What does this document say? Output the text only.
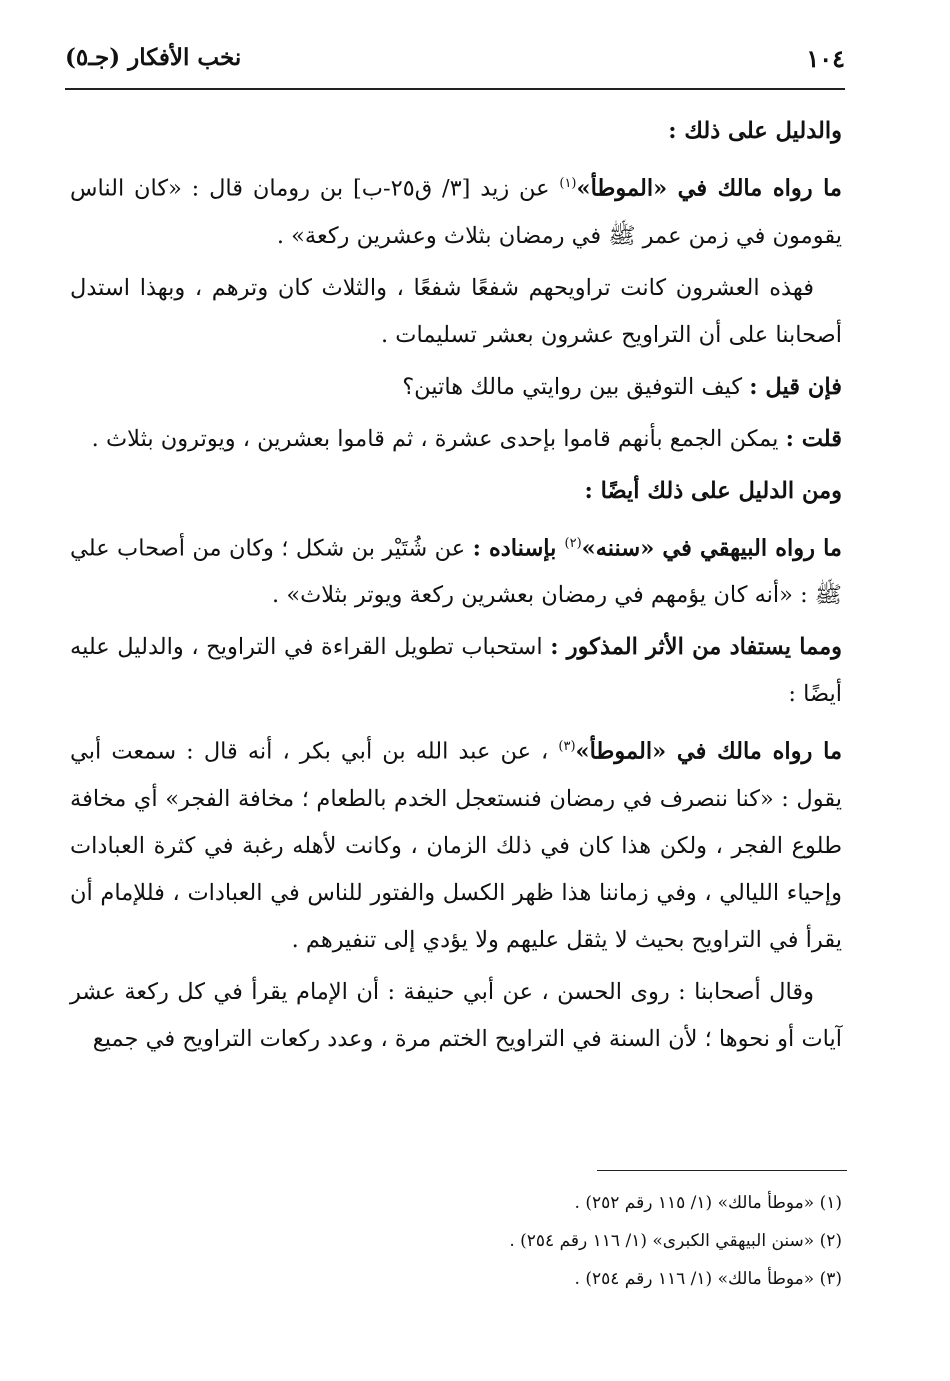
١٠٤
نخب الأفكار (جـ٥)

والدليل على ذلك :

ما رواه مالك في «الموطأ»$^{(١)}$ عن زيد [٣/ ق٢٥-ب] بن رومان قال : «كان الناس يقومون في زمن عمر ﷺ في رمضان بثلاث وعشرين ركعة» .

فهذه العشرون كانت تراويحهم شفعًا شفعًا ، والثلاث كان وترهم ، وبهذا استدل أصحابنا على أن التراويح عشرون بعشر تسليمات .

فإن قيل : كيف التوفيق بين روايتي مالك هاتين؟

قلت : يمكن الجمع بأنهم قاموا بإحدى عشرة ، ثم قاموا بعشرين ، ويوترون بثلاث .

ومن الدليل على ذلك أيضًا :

ما رواه البيهقي في «سننه»$^{(٢)}$ بإسناده : عن شُتَيْر بن شكل ؛ وكان من أصحاب علي ﷺ : «أنه كان يؤمهم في رمضان بعشرين ركعة ويوتر بثلاث» .

ومما يستفاد من الأثر المذكور : استحباب تطويل القراءة في التراويح ، والدليل عليه أيضًا :

ما رواه مالك في «الموطأ»$^{(٣)}$ ، عن عبد الله بن أبي بكر ، أنه قال : سمعت أبي يقول : «كنا ننصرف في رمضان فنستعجل الخدم بالطعام ؛ مخافة الفجر» أي مخافة طلوع الفجر ، ولكن هذا كان في ذلك الزمان ، وكانت لأهله رغبة في كثرة العبادات وإحياء الليالي ، وفي زماننا هذا ظهر الكسل والفتور للناس في العبادات ، فللإمام أن يقرأ في التراويح بحيث لا يثقل عليهم ولا يؤدي إلى تنفيرهم .

وقال أصحابنا : روى الحسن ، عن أبي حنيفة : أن الإمام يقرأ في كل ركعة عشر آيات أو نحوها ؛ لأن السنة في التراويح الختم مرة ، وعدد ركعات التراويح في جميع

(١) «موطأ مالك» (١/ ١١٥ رقم ٢٥٢) .
(٢) «سنن البيهقي الكبرى» (١/ ١١٦ رقم ٢٥٤) .
(٣) «موطأ مالك» (١/ ١١٦ رقم ٢٥٤) .
